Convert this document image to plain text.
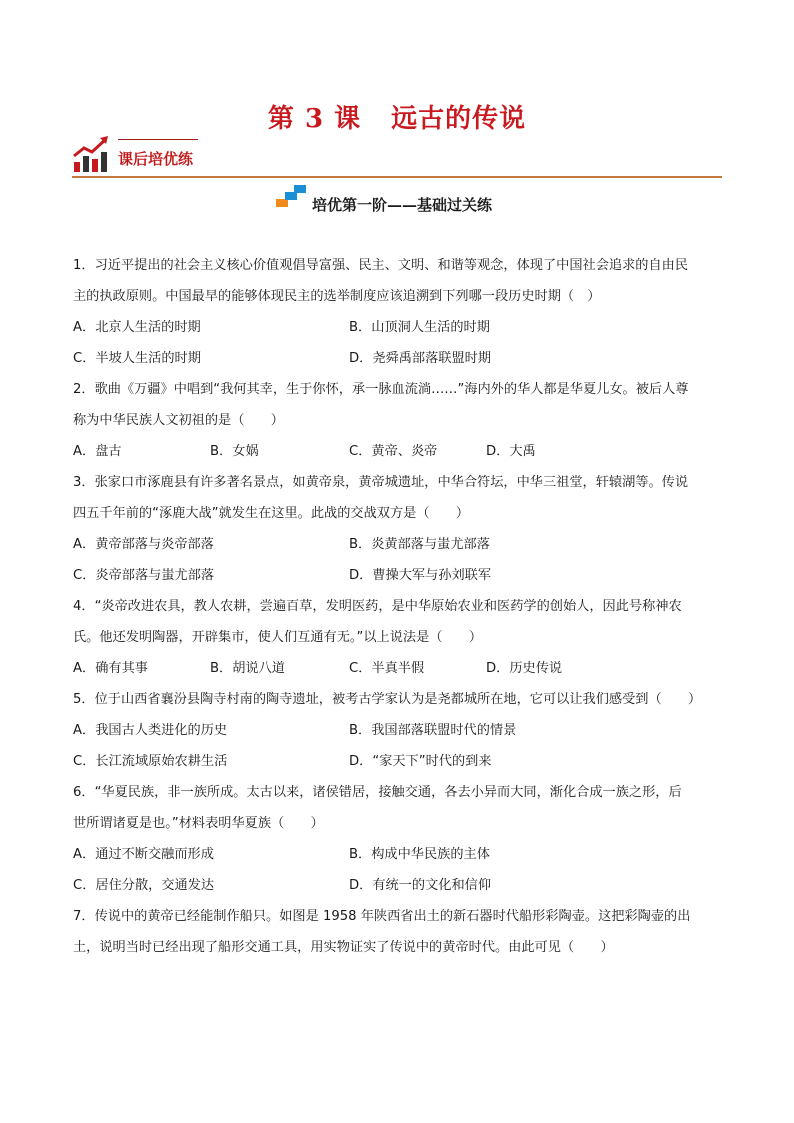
第 3 课 远古的传说
课后培优练
培优第一阶——基础过关练
1．习近平提出的社会主义核心价值观倡导富强、民主、文明、和谐等观念，体现了中国社会追求的自由民
主的执政原则。中国最早的能够体现民主的选举制度应该追溯到下列哪一段历史时期（　）
A．北京人生活的时期	B．山顶洞人生活的时期
C．半坡人生活的时期	D．尧舜禹部落联盟时期
2．歌曲《万疆》中唱到“我何其幸，生于你怀，承一脉血流淌……”海内外的华人都是华夏儿女。被后人尊
称为中华民族人文初祖的是（　　）
A．盘古	B．女娲	C．黄帝、炎帝	D．大禹
3．张家口市涿鹿县有许多著名景点，如黄帝泉，黄帝城遗址，中华合符坛，中华三祖堂，轩辕湖等。传说
四五千年前的“涿鹿大战”就发生在这里。此战的交战双方是（　　）
A．黄帝部落与炎帝部落	B．炎黄部落与蚩尤部落
C．炎帝部落与蚩尤部落	D．曹操大军与孙刘联军
4．“炎帝改进农具，教人农耕，尝遍百草，发明医药，是中华原始农业和医药学的创始人，因此号称神农
氏。他还发明陶器，开辟集市，使人们互通有无。”以上说法是（　　）
A．确有其事	B．胡说八道	C．半真半假	D．历史传说
5．位于山西省襄汾县陶寺村南的陶寺遗址，被考古学家认为是尧都城所在地，它可以让我们感受到（　　）
A．我国古人类进化的历史	B．我国部落联盟时代的情景
C．长江流域原始农耕生活	D．“家天下”时代的到来
6．“华夏民族，非一族所成。太古以来，诸侯错居，接触交通，各去小异而大同，渐化合成一族之形，后
世所谓诸夏是也。”材料表明华夏族（　　）
A．通过不断交融而形成	B．构成中华民族的主体
C．居住分散，交通发达	D．有统一的文化和信仰
7．传说中的黄帝已经能制作船只。如图是 1958 年陕西省出土的新石器时代船形彩陶壶。这把彩陶壶的出
土，说明当时已经出现了船形交通工具，用实物证实了传说中的黄帝时代。由此可见（　　）
